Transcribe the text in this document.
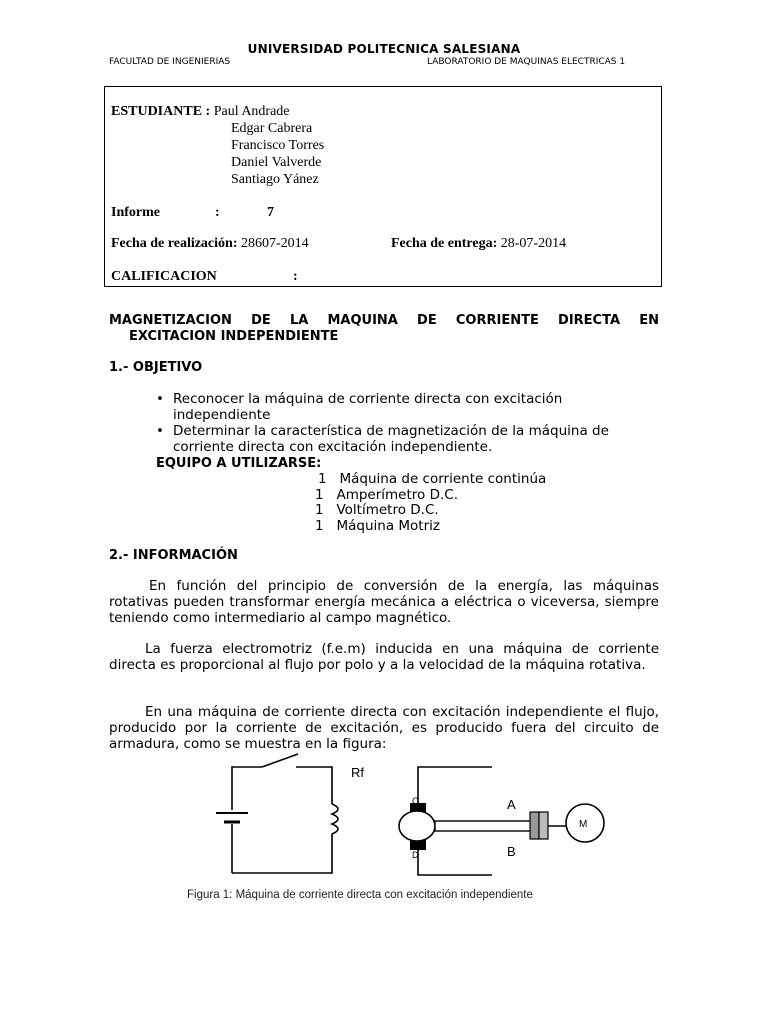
UNIVERSIDAD POLITECNICA SALESIANA
FACULTAD DE INGENIERIAS	LABORATORIO DE MAQUINAS ELECTRICAS 1
ESTUDIANTE : Paul Andrade
Edgar Cabrera
Francisco Torres
Daniel Valverde
Santiago Yánez
Informe	:	7
Fecha de realización: 28607-2014	Fecha de entrega: 28-07-2014
CALIFICACION	:
MAGNETIZACION DE LA MAQUINA DE CORRIENTE DIRECTA EN
EXCITACION INDEPENDIENTE
1.- OBJETIVO
• Reconocer la máquina de corriente directa con excitación independiente
• Determinar la característica de magnetización de la máquina de corriente directa con excitación independiente.
EQUIPO A UTILIZARSE:
1 Máquina de corriente continúa
1 Amperímetro D.C.
1 Voltímetro D.C.
1 Máquina Motriz
2.- INFORMACIÓN

En función del principio de conversión de la energía, las máquinas rotativas pueden transformar energía mecánica a eléctrica o viceversa, siempre teniendo como intermediario al campo magnético.

La fuerza electromotriz (f.e.m) inducida en una máquina de corriente directa es proporcional al flujo por polo y a la velocidad de la máquina rotativa.

En una máquina de corriente directa con excitación independiente el flujo, producido por la corriente de excitación, es producido fuera del circuito de armadura, como se muestra en la figura:

Rf
A
B
M
C
D
Figura 1: Máquina de corriente directa con excitación independiente
